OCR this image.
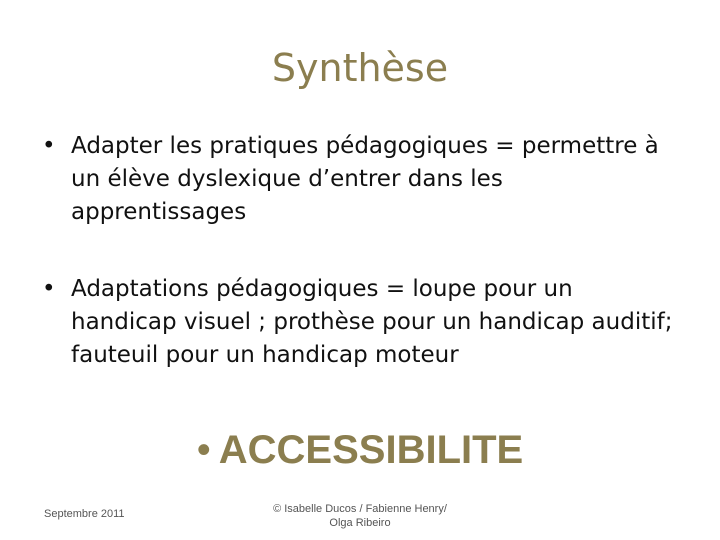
Synthèse
• Adapter les pratiques pédagogiques = permettre à un élève dyslexique d’entrer dans les apprentissages
• Adaptations pédagogiques = loupe pour un handicap visuel ; prothèse pour un handicap auditif; fauteuil pour un handicap moteur
• ACCESSIBILITE
Septembre 2011	© Isabelle Ducos / Fabienne Henry/
Olga Ribeiro
